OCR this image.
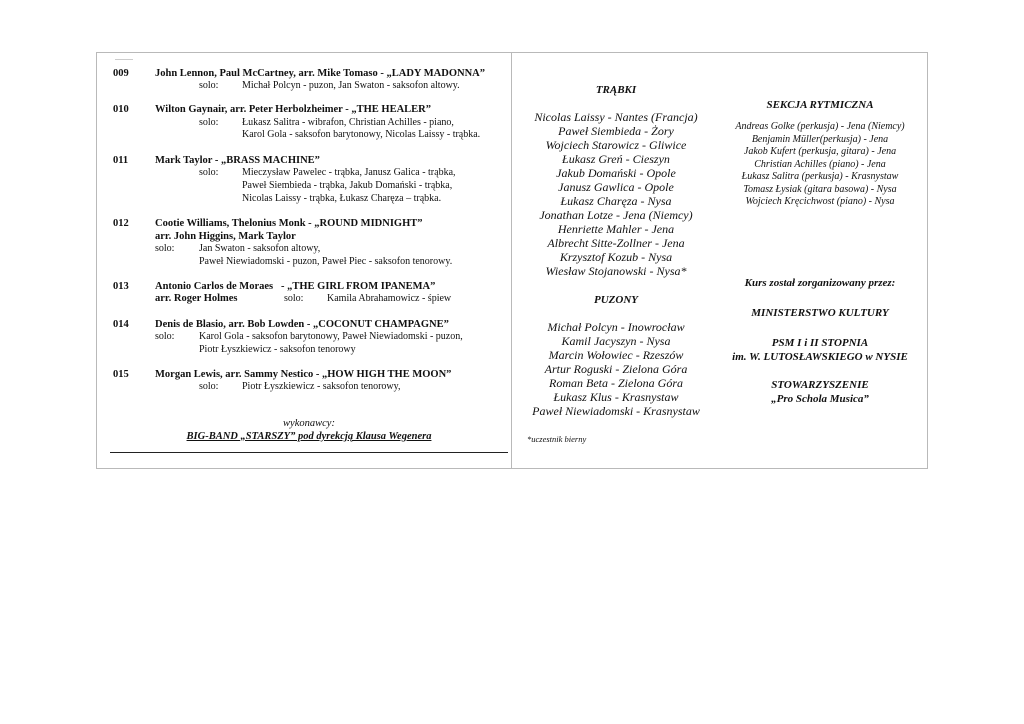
009	John Lennon, Paul McCartney, arr. Mike Tomaso - „LADY MADONNA”
solo: Michał Polcyn - puzon, Jan Swaton - saksofon altowy.
010	Wilton Gaynair, arr. Peter Herbolzheimer - „THE HEALER”
solo: Łukasz Salitra - wibrafon, Christian Achilles - piano,
Karol Gola - saksofon barytonowy, Nicolas Laissy - trąbka.
011	Mark Taylor - „BRASS MACHINE”
solo: Mieczysław Pawelec - trąbka, Janusz Galica - trąbka,
Paweł Siembieda - trąbka, Jakub Domański - trąbka,
Nicolas Laissy - trąbka, Łukasz Charęza – trąbka.
012	Cootie Williams, Thelonius Monk - „ROUND MIDNIGHT”
arr. John Higgins, Mark Taylor
solo: Jan Swaton - saksofon altowy,
Paweł Niewiadomski - puzon, Paweł Piec - saksofon tenorowy.
013	Antonio Carlos de Moraes   - „THE GIRL FROM IPANEMA”
arr. Roger Holmes	solo: Kamila Abrahamowicz - śpiew
014	Denis de Blasio, arr. Bob Lowden - „COCONUT CHAMPAGNE”
solo: Karol Gola - saksofon barytonowy, Paweł Niewiadomski - puzon,
Piotr Łyszkiewicz - saksofon tenorowy
015	Morgan Lewis, arr. Sammy Nestico - „HOW HIGH THE MOON”
solo: Piotr Łyszkiewicz - saksofon tenorowy,
wykonawcy:
BIG-BAND „STARSZY” pod dyrekcją Klausa Wegenera
TRĄBKI
Nicolas Laissy - Nantes (Francja)
Paweł Siembieda - Żory
Wojciech Starowicz - Gliwice
Łukasz Greń - Cieszyn
Jakub Domański - Opole
Janusz Gawlica - Opole
Łukasz Charęza - Nysa
Jonathan Lotze - Jena (Niemcy)
Henriette Mahler - Jena
Albrecht Sitte-Zollner - Jena
Krzysztof Kozub - Nysa
Wiesław Stojanowski - Nysa*
PUZONY
Michał Polcyn - Inowrocław
Kamil Jacyszyn - Nysa
Marcin Wołowiec - Rzeszów
Artur Roguski - Zielona Góra
Roman Beta - Zielona Góra
Łukasz Klus - Krasnystaw
Paweł Niewiadomski - Krasnystaw
*uczestnik bierny
SEKCJA RYTMICZNA
Andreas Golke (perkusja) - Jena (Niemcy)
Benjamin Müller(perkusja) - Jena
Jakob Kufert (perkusja, gitara) - Jena
Christian Achilles (piano) - Jena
Łukasz Salitra (perkusja) - Krasnystaw
Tomasz Łysiak (gitara basowa) - Nysa
Wojciech Kręcichwost (piano) - Nysa
Kurs został zorganizowany przez:
MINISTERSTWO KULTURY
PSM I i II STOPNIA
im. W. LUTOSŁAWSKIEGO w NYSIE
STOWARZYSZENIE
„Pro Schola Musica”
